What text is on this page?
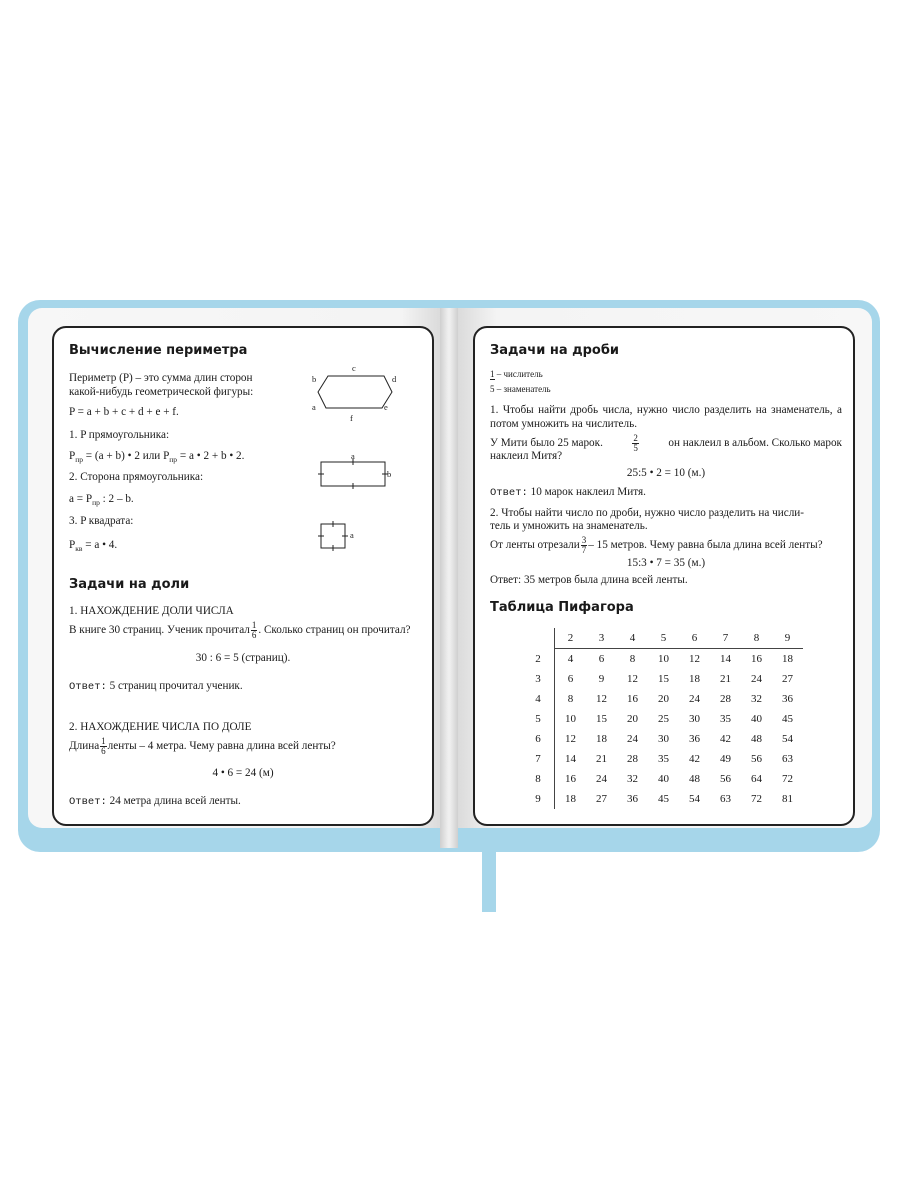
Вычисление периметра
Периметр (P) – это сумма длин сторон
какой-нибудь геометрической фигуры:
P = a + b + c + d + e + f.
1. P прямоугольника:
$P_{пр} = (a + b)$ • 2 или $P_{пр} = a$ • 2 + b • 2.
2. Сторона прямоугольника:
$a = P_{пр}$ : 2 – b.
3. P квадрата:
$P_{кв} = a$ • 4.
c
b	d
a	e
f
a
b
a
Задачи на доли
1. НАХОЖДЕНИЕ ДОЛИ ЧИСЛА
В книге 30 страниц. Ученик прочитал $\frac{1}{6}$ . Сколько страниц он прочитал?
30 : 6 = 5 (страниц).
Ответ: 5 страниц прочитал ученик.
2. НАХОЖДЕНИЕ ЧИСЛА ПО ДОЛЕ
Длина $\frac{1}{6}$ ленты – 4 метра. Чему равна длина всей ленты?
4 • 6 = 24 (м)
Ответ: 24 метра длина всей ленты.
Задачи на дроби
1 – числитель
5 – знаменатель
1. Чтобы найти дробь числа, нужно число разделить на знаменатель, а потом умножить на числитель.
У Мити было 25 марок.	$\frac{2}{5}$	он наклеил в альбом. Сколько марок
наклеил Митя?
25:5 • 2 = 10 (м.)
Ответ: 10 марок наклеил Митя.
2. Чтобы найти число по дроби, нужно число разделить на числи-
тель и умножить на знаменатель.
От ленты отрезали $\frac{3}{7} - 15$ метров. Чему равна была длина всей ленты?
15:3 • 7 = 35 (м.)
Ответ: 35 метров была длина всей ленты.
Таблица Пифагора
	2	3	4	5	6	7	8	9
2	4	6	8	10	12	14	16	18
3	6	9	12	15	18	21	24	27
4	8	12	16	20	24	28	32	36
5	10	15	20	25	30	35	40	45
6	12	18	24	30	36	42	48	54
7	14	21	28	35	42	49	56	63
8	16	24	32	40	48	56	64	72
9	18	27	36	45	54	63	72	81
